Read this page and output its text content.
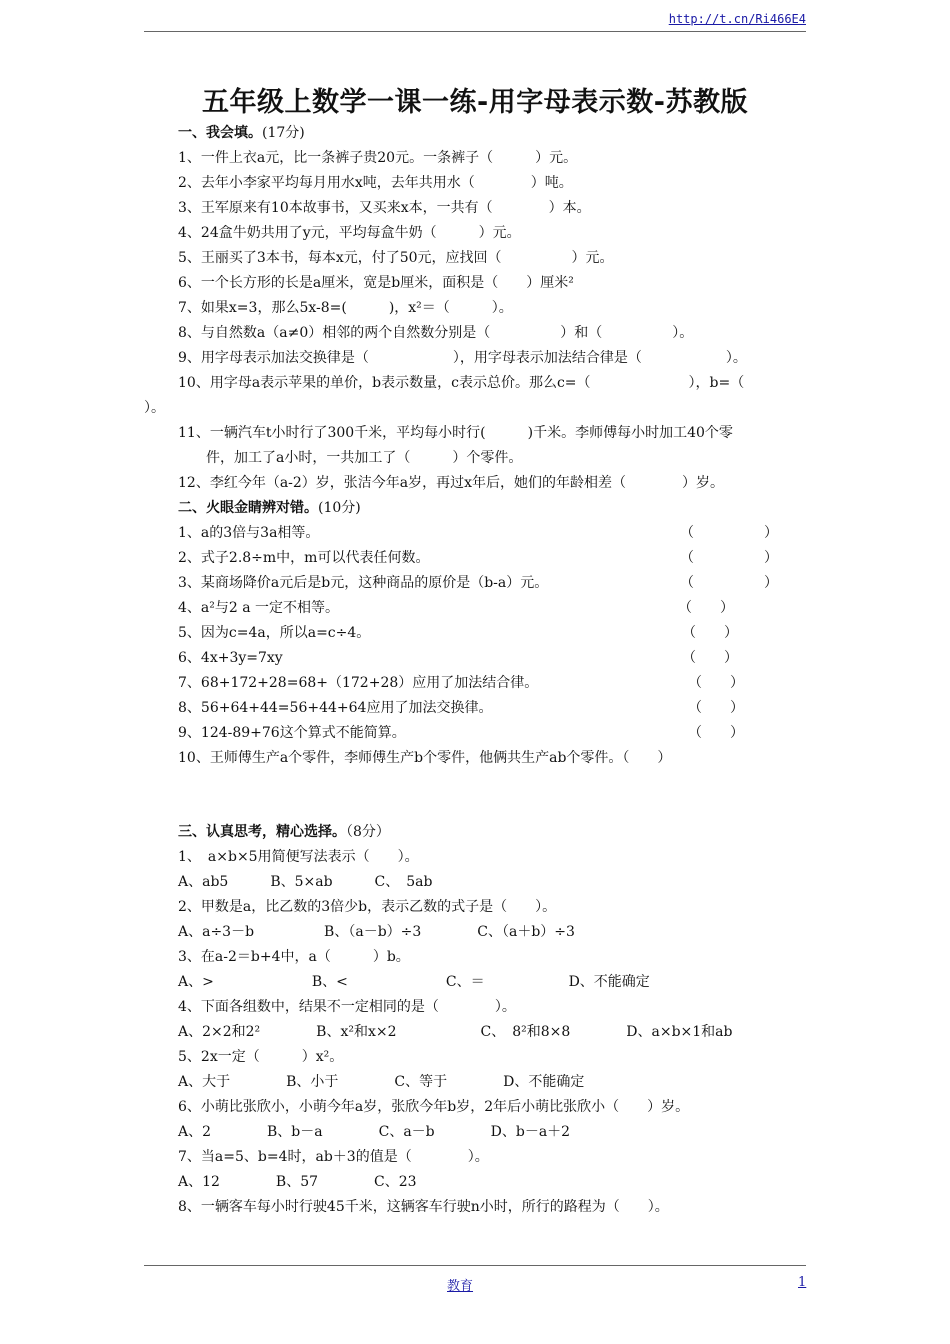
http://t.cn/Ri466E4
五年级上数学一课一练-用字母表示数-苏教版
一、我会填。(17分)
1、一件上衣a元，比一条裤子贵20元。一条裤子（　　　）元。
2、去年小李家平均每月用水x吨，去年共用水（　　　　）吨。
3、王军原来有10本故事书，又买来x本，一共有（　　　　）本。
4、24盒牛奶共用了y元，平均每盒牛奶（　　　）元。
5、王丽买了3本书，每本x元，付了50元，应找回（　　　　　）元。
6、一个长方形的长是a厘米，宽是b厘米，面积是（　　）厘米²
7、如果x=3，那么5x-8=(　　　)，x²＝（　　　）。
8、与自然数a（a≠0）相邻的两个自然数分别是（　　　　　）和（　　　　　）。
9、用字母表示加法交换律是（　　　　　　），用字母表示加法结合律是（　　　　　　）。
10、用字母a表示苹果的单价，b表示数量，c表示总价。那么c=（　　　　　　　），b=（
）。
11、一辆汽车t小时行了300千米，平均每小时行(　　　)千米。李师傅每小时加工40个零
　　件，加工了a小时，一共加工了（　　　）个零件。
12、李红今年（a-2）岁，张洁今年a岁，再过x年后，她们的年龄相差（　　　　）岁。
二、火眼金睛辨对错。(10分)
1、a的3倍与3a相等。	（　　　　　）
2、式子2.8÷m中，m可以代表任何数。	（　　　　　）
3、某商场降价a元后是b元，这种商品的原价是（b-a）元。	（　　　　　）
4、a²与2 a 一定不相等。	（　　）
5、因为c=4a，所以a=c÷4。	（　　）
6、4x+3y=7xy	（　　）
7、68+172+28=68+（172+28）应用了加法结合律。	（　　）
8、56+64+44=56+44+64应用了加法交换律。	（　　）
9、124-89+76这个算式不能简算。	（　　）
10、王师傅生产a个零件，李师傅生产b个零件，他俩共生产ab个零件。（　　）
三、认真思考，精心选择。（8分）
1、　a×b×5用简便写法表示（　　）。
A、ab5　　　B、5×ab　　　C、　5ab
2、甲数是a，比乙数的3倍少b，表示乙数的式子是（　　）。
A、a÷3－b　　　　　B、（a－b）÷3　　　　C、（a＋b）÷3
3、在a-2＝b+4中，a（　　　）b。
A、>　　　　　　　B、<　　　　　　　C、＝　　　　　　D、不能确定
4、下面各组数中，结果不一定相同的是（　　　　）。
A、2×2和2²　　　　B、x²和x×2　　　　　　C、　8²和8×8　　　　D、a×b×1和ab
5、2x一定（　　　）x²。
A、大于　　　　B、小于　　　　C、等于　　　　D、不能确定
6、小萌比张欣小，小萌今年a岁，张欣今年b岁，2年后小萌比张欣小（　　）岁。
A、2　　　　B、b－a　　　　C、a－b　　　　D、b－a＋2
7、当a=5、b=4时，ab＋3的值是（　　　　）。
A、12　　　　B、57　　　　C、23
8、一辆客车每小时行驶45千米，这辆客车行驶n小时，所行的路程为（　　）。
教育	1
